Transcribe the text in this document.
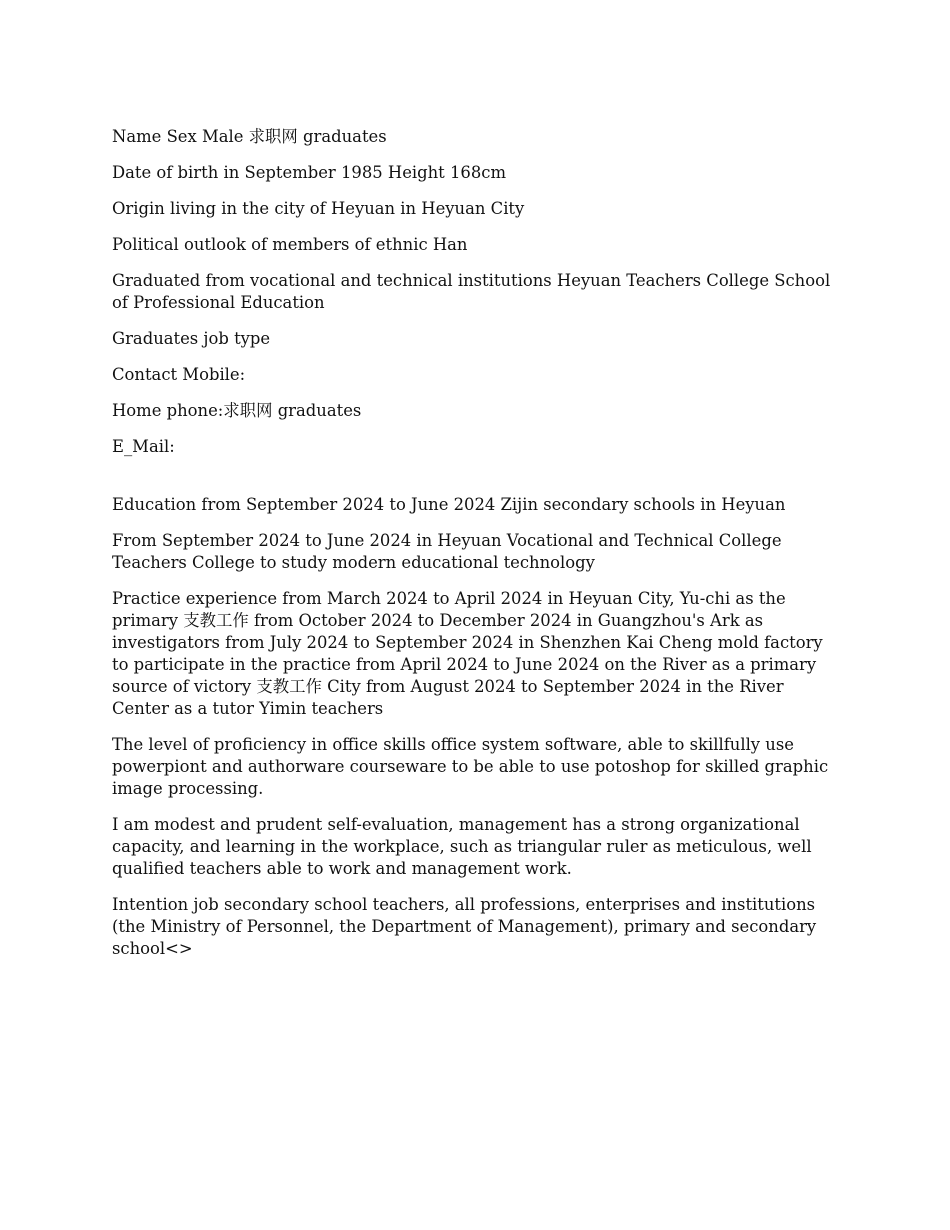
Name Sex Male 求职网 graduates

Date of birth in September 1985 Height 168cm

Origin living in the city of Heyuan in Heyuan City

Political outlook of members of ethnic Han

Graduated from vocational and technical institutions Heyuan Teachers College School of Professional Education

Graduates job type

Contact Mobile:

Home phone:求职网 graduates

E_Mail:

Education from September 2024 to June 2024 Zijin secondary schools in Heyuan

From September 2024 to June 2024 in Heyuan Vocational and Technical College Teachers College to study modern educational technology

Practice experience from March 2024 to April 2024 in Heyuan City, Yu-chi as the primary 支教工作 from October 2024 to December 2024 in Guangzhou's Ark as investigators from July 2024 to September 2024 in Shenzhen Kai Cheng mold factory to participate in the practice from April 2024 to June 2024 on the River as a primary source of victory 支教工作 City from August 2024 to September 2024 in the River Center as a tutor Yimin teachers

The level of proficiency in office skills office system software, able to skillfully use powerpiont and authorware courseware to be able to use potoshop for skilled graphic image processing.

I am modest and prudent self-evaluation, management has a strong organizational capacity, and learning in the workplace, such as triangular ruler as meticulous, well qualified teachers able to work and management work.

Intention job secondary school teachers, all professions, enterprises and institutions (the Ministry of Personnel, the Department of Management), primary and secondary school<>
